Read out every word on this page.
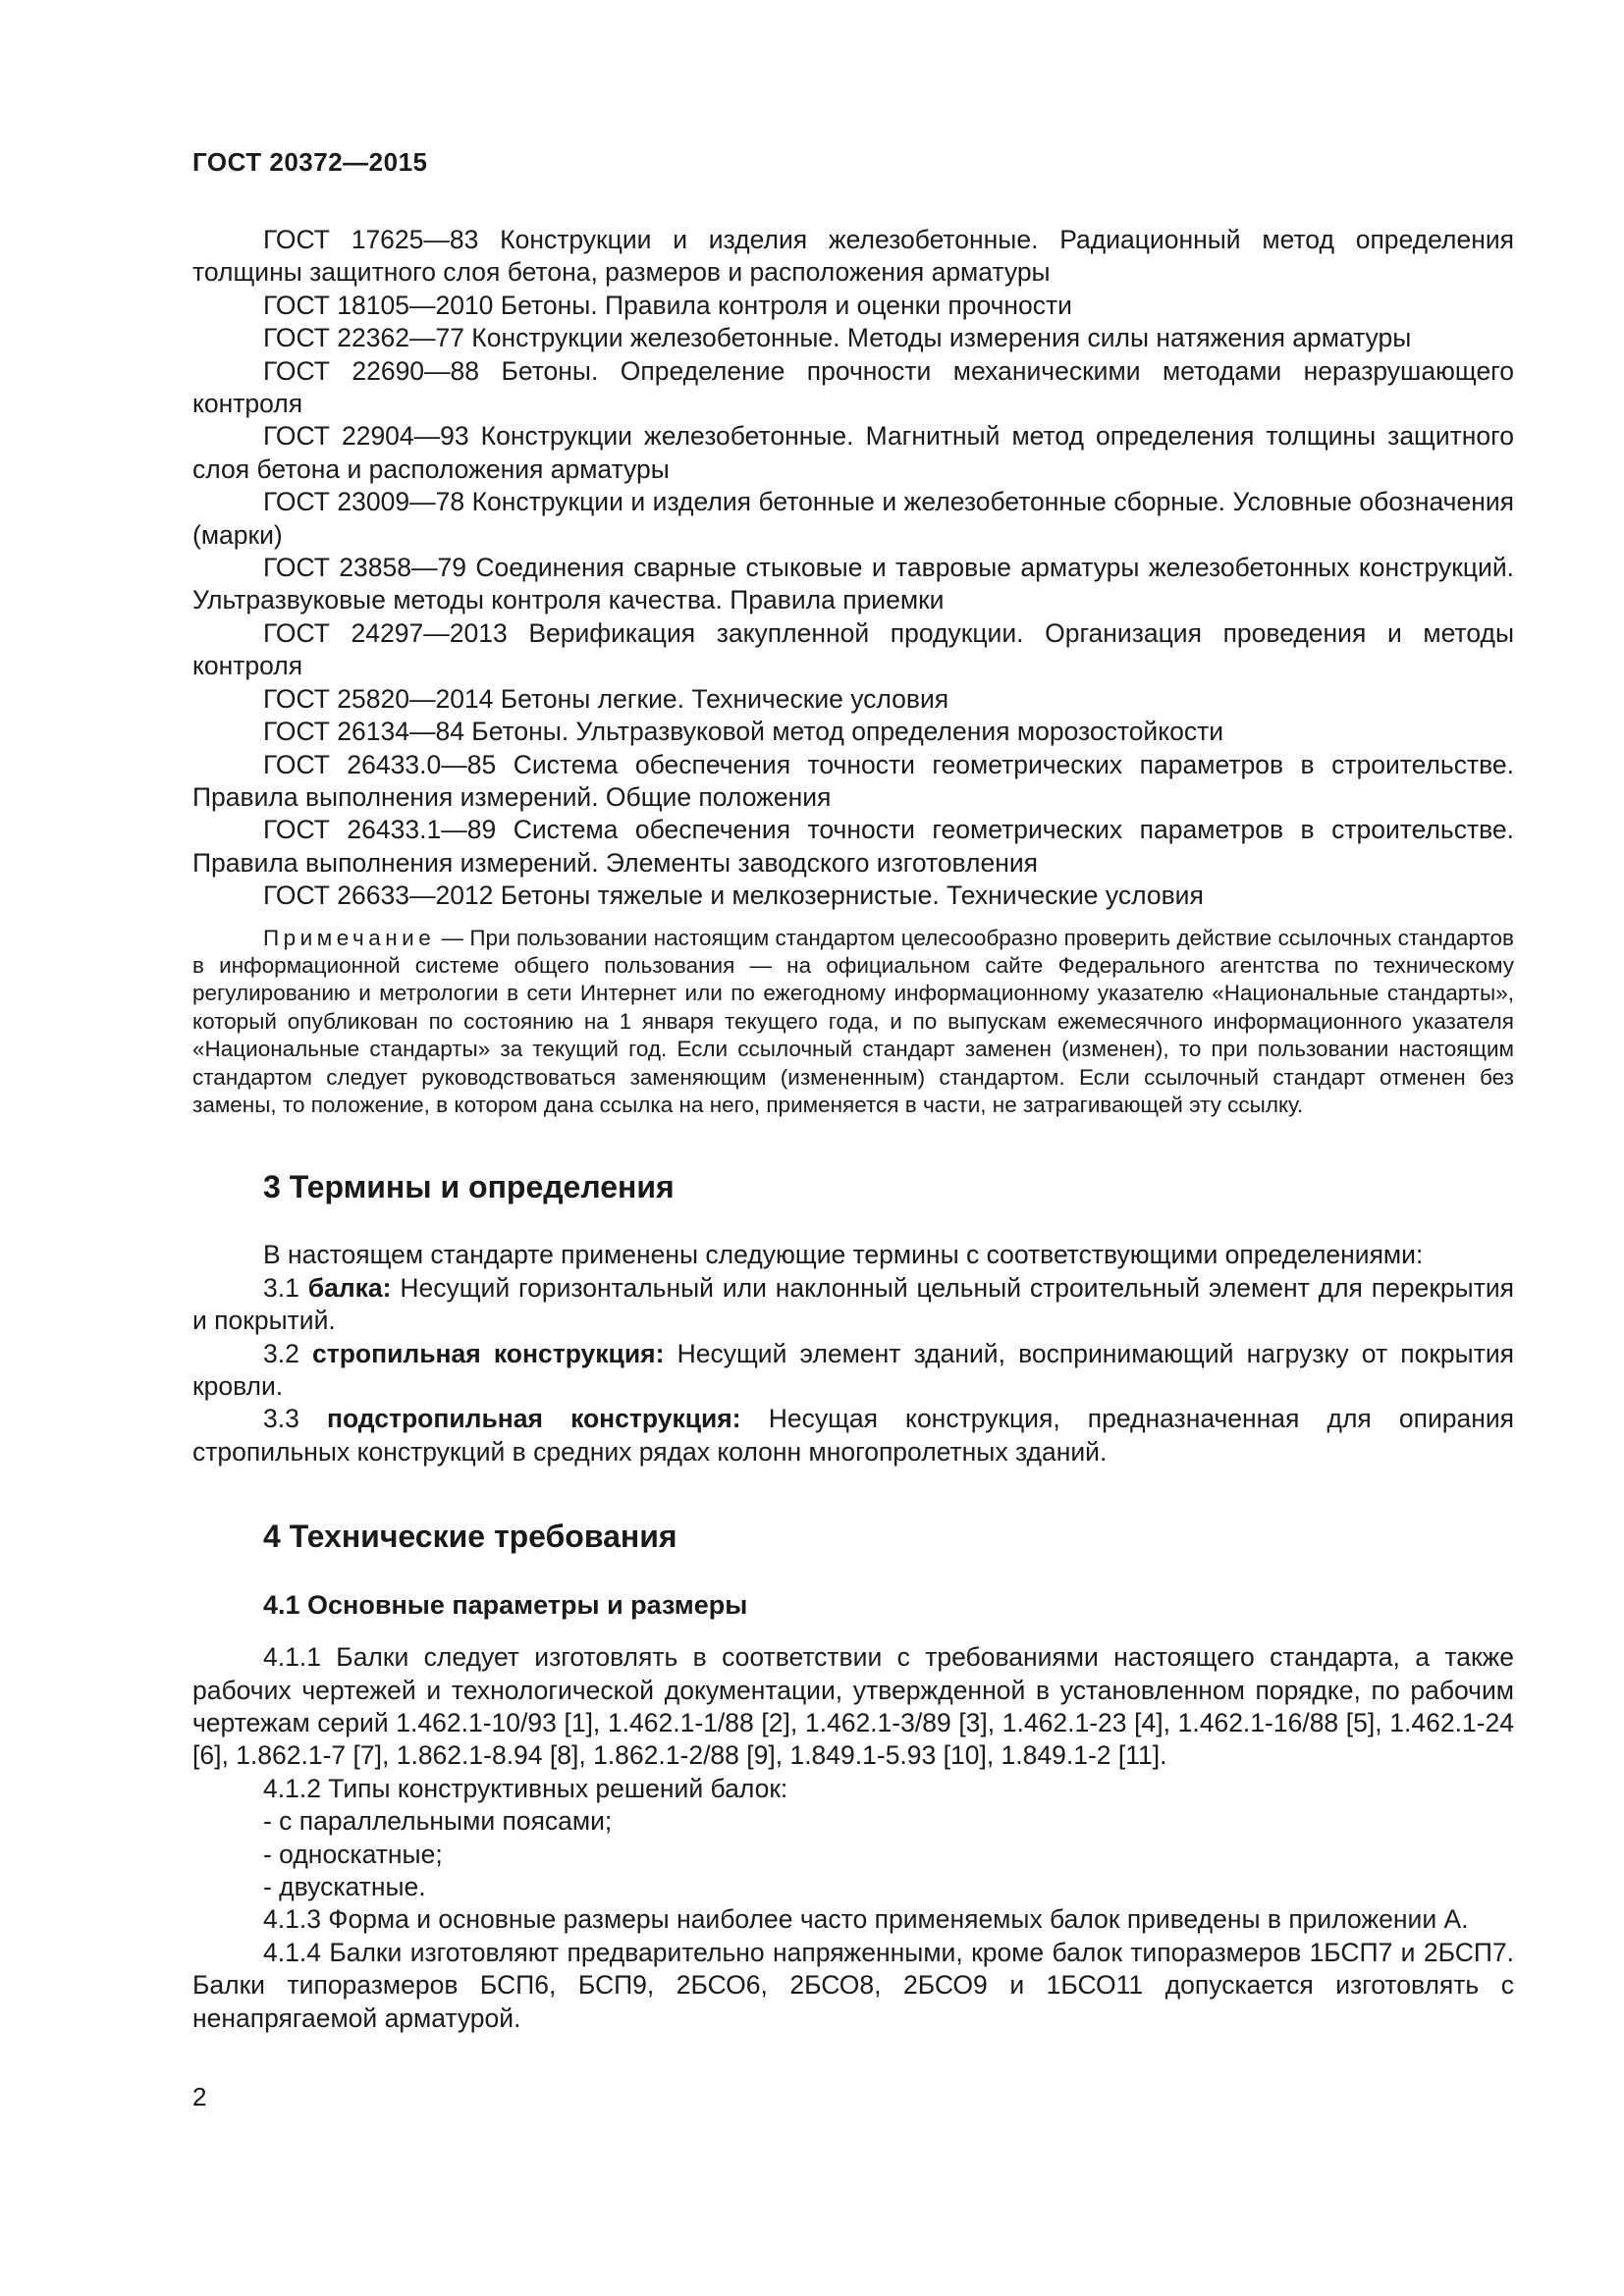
ГОСТ 20372—2015

ГОСТ 17625—83 Конструкции и изделия железобетонные. Радиационный метод определения толщины защитного слоя бетона, размеров и расположения арматуры

ГОСТ 18105—2010 Бетоны. Правила контроля и оценки прочности

ГОСТ 22362—77 Конструкции железобетонные. Методы измерения силы натяжения арматуры

ГОСТ 22690—88 Бетоны. Определение прочности механическими методами неразрушающего контроля

ГОСТ 22904—93 Конструкции железобетонные. Магнитный метод определения толщины защитного слоя бетона и расположения арматуры

ГОСТ 23009—78 Конструкции и изделия бетонные и железобетонные сборные. Условные обозначения (марки)

ГОСТ 23858—79 Соединения сварные стыковые и тавровые арматуры железобетонных конструкций. Ультразвуковые методы контроля качества. Правила приемки

ГОСТ 24297—2013 Верификация закупленной продукции. Организация проведения и методы контроля

ГОСТ 25820—2014 Бетоны легкие. Технические условия

ГОСТ 26134—84 Бетоны. Ультразвуковой метод определения морозостойкости

ГОСТ 26433.0—85 Система обеспечения точности геометрических параметров в строительстве. Правила выполнения измерений. Общие положения

ГОСТ 26433.1—89 Система обеспечения точности геометрических параметров в строительстве. Правила выполнения измерений. Элементы заводского изготовления

ГОСТ 26633—2012 Бетоны тяжелые и мелкозернистые. Технические условия

Примечание — При пользовании настоящим стандартом целесообразно проверить действие ссылочных стандартов в информационной системе общего пользования — на официальном сайте Федерального агентства по техническому регулированию и метрологии в сети Интернет или по ежегодному информационному указателю «Национальные стандарты», который опубликован по состоянию на 1 января текущего года, и по выпускам ежемесячного информационного указателя «Национальные стандарты» за текущий год. Если ссылочный стандарт заменен (изменен), то при пользовании настоящим стандартом следует руководствоваться заменяющим (измененным) стандартом. Если ссылочный стандарт отменен без замены, то положение, в котором дана ссылка на него, применяется в части, не затрагивающей эту ссылку.

3 Термины и определения

В настоящем стандарте применены следующие термины с соответствующими определениями:

3.1 балка: Несущий горизонтальный или наклонный цельный строительный элемент для перекрытия и покрытий.

3.2 стропильная конструкция: Несущий элемент зданий, воспринимающий нагрузку от покрытия кровли.

3.3 подстропильная конструкция: Несущая конструкция, предназначенная для опирания стропильных конструкций в средних рядах колонн многопролетных зданий.

4 Технические требования
4.1 Основные параметры и размеры

4.1.1 Балки следует изготовлять в соответствии с требованиями настоящего стандарта, а также рабочих чертежей и технологической документации, утвержденной в установленном порядке, по рабочим чертежам серий 1.462.1-10/93 [1], 1.462.1-1/88 [2], 1.462.1-3/89 [3], 1.462.1-23 [4], 1.462.1-16/88 [5], 1.462.1-24 [6], 1.862.1-7 [7], 1.862.1-8.94 [8], 1.862.1-2/88 [9], 1.849.1-5.93 [10], 1.849.1-2 [11].

4.1.2 Типы конструктивных решений балок:

- с параллельными поясами;

- односкатные;

- двускатные.

4.1.3 Форма и основные размеры наиболее часто применяемых балок приведены в приложении А.

4.1.4 Балки изготовляют предварительно напряженными, кроме балок типоразмеров 1БСП7 и 2БСП7. Балки типоразмеров БСП6, БСП9, 2БСО6, 2БСО8, 2БСО9 и 1БСО11 допускается изготовлять с ненапрягаемой арматурой.

2
